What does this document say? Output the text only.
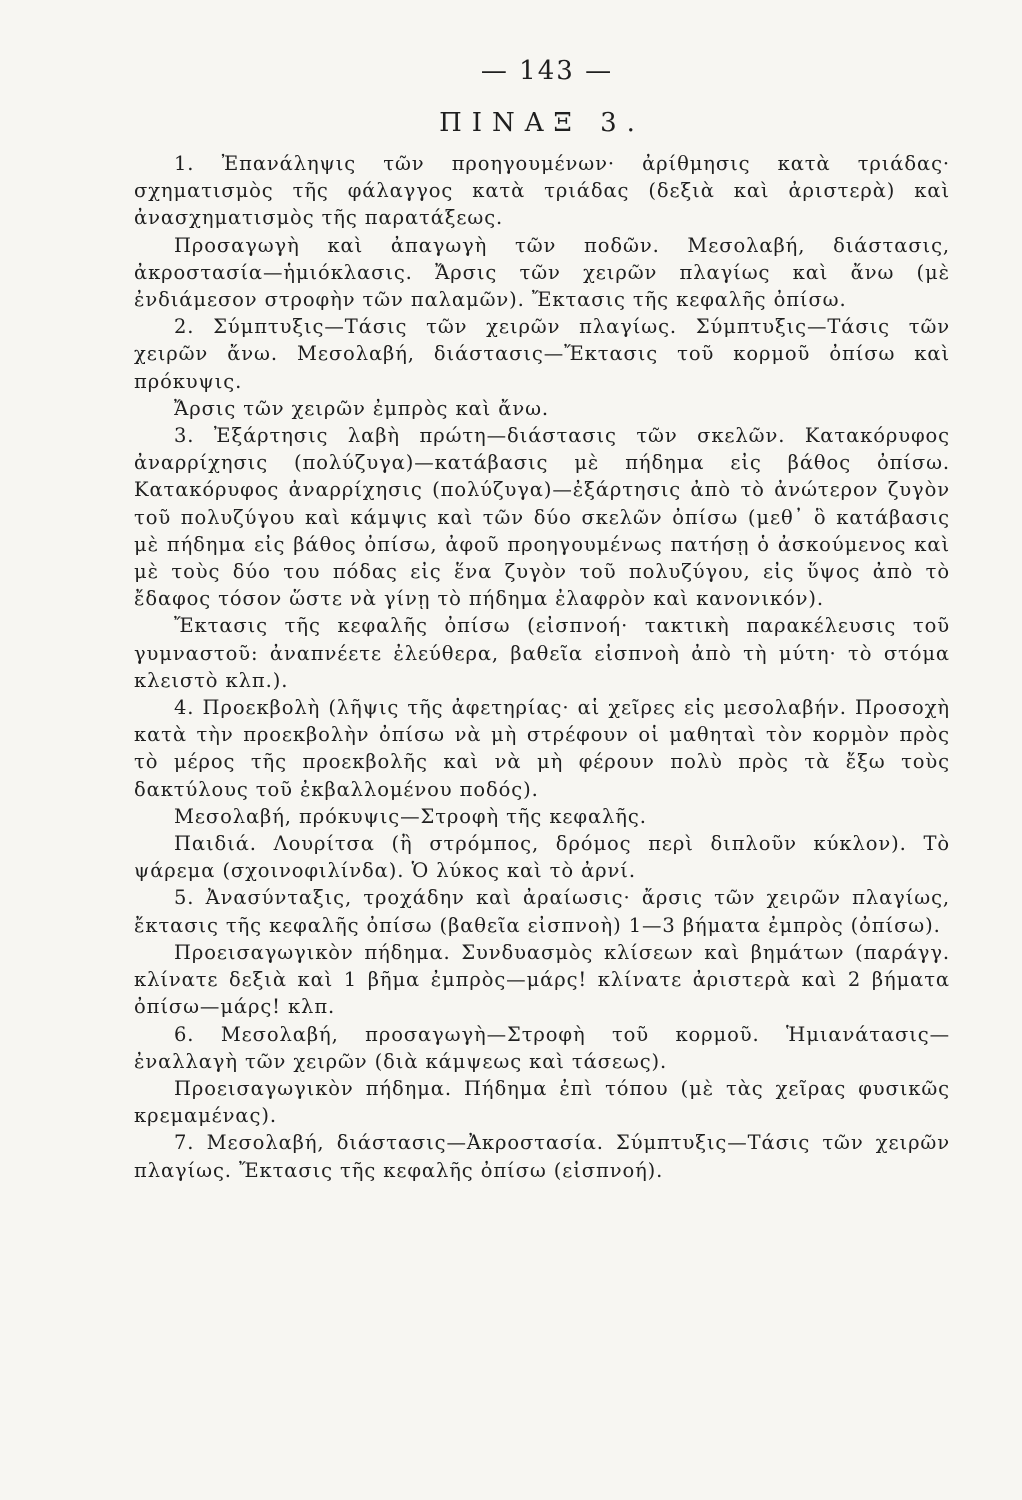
— 143 —
ΠΙΝΑΞ 3.

1. Ἐπανάληψις τῶν προηγουμένων· ἀρίθμησις κατὰ τριάδας· σχηματισμὸς τῆς φάλαγγος κατὰ τριάδας (δεξιὰ καὶ ἀριστερὰ) καὶ ἀνασχηματισμὸς τῆς παρατάξεως.

Προσαγωγὴ καὶ ἀπαγωγὴ τῶν ποδῶν. Μεσολαβή, διάστασις, ἀκροστασία—ἡμιόκλασις. Ἄρσις τῶν χειρῶν πλαγίως καὶ ἄνω (μὲ ἐνδιάμεσον στροφὴν τῶν παλαμῶν). Ἔκτασις τῆς κεφαλῆς ὀπίσω.

2. Σύμπτυξις—Τάσις τῶν χειρῶν πλαγίως. Σύμπτυξις—Τάσις τῶν χειρῶν ἄνω. Μεσολαβή, διάστασις—Ἔκτασις τοῦ κορμοῦ ὀπίσω καὶ πρόκυψις.

Ἄρσις τῶν χειρῶν ἐμπρὸς καὶ ἄνω.

3. Ἐξάρτησις λαβὴ πρώτη—διάστασις τῶν σκελῶν. Κατακόρυφος ἀναρρίχησις (πολύζυγα)—κατάβασις μὲ πήδημα εἰς βάθος ὀπίσω. Κατακόρυφος ἀναρρίχησις (πολύζυγα)—ἐξάρτησις ἀπὸ τὸ ἀνώτερον ζυγὸν τοῦ πολυζύγου καὶ κάμψις καὶ τῶν δύο σκελῶν ὀπίσω (μεθ᾽ ὃ κατάβασις μὲ πήδημα εἰς βάθος ὀπίσω, ἀφοῦ προηγουμένως πατήσῃ ὁ ἀσκούμενος καὶ μὲ τοὺς δύο του πόδας εἰς ἕνα ζυγὸν τοῦ πολυζύγου, εἰς ὕψος ἀπὸ τὸ ἔδαφος τόσον ὥστε νὰ γίνῃ τὸ πήδημα ἐλαφρὸν καὶ κανονικόν).

Ἔκτασις τῆς κεφαλῆς ὀπίσω (εἰσπνοή· τακτικὴ παρακέλευσις τοῦ γυμναστοῦ: ἀναπνέετε ἐλεύθερα, βαθεῖα εἰσπνοὴ ἀπὸ τὴ μύτη· τὸ στόμα κλειστὸ κλπ.).

4. Προεκβολὴ (λῆψις τῆς ἀφετηρίας· αἱ χεῖρες εἰς μεσολαβήν. Προσοχὴ κατὰ τὴν προεκβολὴν ὀπίσω νὰ μὴ στρέφουν οἱ μαθηταὶ τὸν κορμὸν πρὸς τὸ μέρος τῆς προεκβολῆς καὶ νὰ μὴ φέρουν πολὺ πρὸς τὰ ἔξω τοὺς δακτύλους τοῦ ἐκβαλλομένου ποδός).

Μεσολαβή, πρόκυψις—Στροφὴ τῆς κεφαλῆς.

Παιδιά. Λουρίτσα (ἢ στρόμπος, δρόμος περὶ διπλοῦν κύκλον). Τὸ ψάρεμα (σχοινοφιλίνδα). Ὁ λύκος καὶ τὸ ἀρνί.

5. Ἀνασύνταξις, τροχάδην καὶ ἀραίωσις· ἄρσις τῶν χειρῶν πλαγίως, ἔκτασις τῆς κεφαλῆς ὀπίσω (βαθεῖα εἰσπνοὴ) 1—3 βήματα ἐμπρὸς (ὀπίσω).

Προεισαγωγικὸν πήδημα. Συνδυασμὸς κλίσεων καὶ βημάτων (παράγγ. κλίνατε δεξιὰ καὶ 1 βῆμα ἐμπρὸς—μάρς! κλίνατε ἀριστερὰ καὶ 2 βήματα ὀπίσω—μάρς! κλπ.

6. Μεσολαβή, προσαγωγὴ—Στροφὴ τοῦ κορμοῦ. Ἡμιανάτασις—ἐναλλαγὴ τῶν χειρῶν (διὰ κάμψεως καὶ τάσεως).

Προεισαγωγικὸν πήδημα. Πήδημα ἐπὶ τόπου (μὲ τὰς χεῖρας φυσικῶς κρεμαμένας).

7. Μεσολαβή, διάστασις—Ἀκροστασία. Σύμπτυξις—Τάσις τῶν χειρῶν πλαγίως. Ἔκτασις τῆς κεφαλῆς ὀπίσω (εἰσπνοή).
